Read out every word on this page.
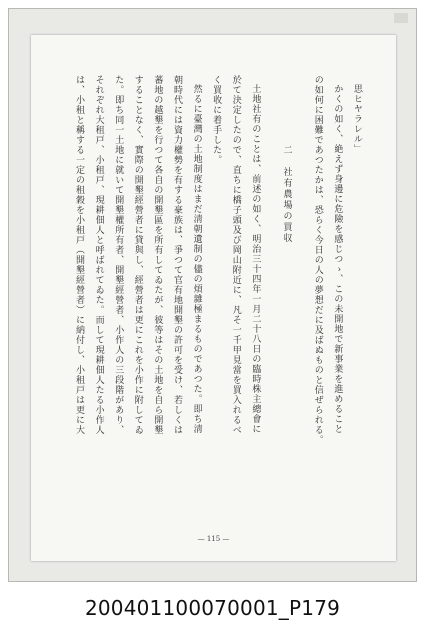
思ヒヤラレル」
かくの如く、絶えず身邊に危險を感じつゝ、この未開地で新事業を進めること
の如何に困難であつたかは、恐らく今日の人の夢想だに及ばぬものと信ぜられる。
二　社有農場の買収
土地社有のことは、前述の如く、明治三十四年一月二十八日の臨時株主總會に
於て決定したので、直ちに橋子頭及び岡山附近に、凡そ一千甲見當を買入れるべ
く買收に着手した。
然るに臺灣の土地制度はまだ淸朝遺制の儘の煩雜極まるものであつた。即ち淸
朝時代には資力權勢を有する豪族は、爭つて官有地開墾の許可を受け、若しくは
蕃地の越墾を行つて各自の開墾區を所有してゐたが、彼等はその土地を自ら開墾
することなく、實際の開墾經營者に貸與し、經營者は更にこれを小作に附してゐ
た。即ち同一土地に就いて開墾權所有者、開墾經營者、小作人の三段階があり、
それぞれ大租戸、小租戸、現耕佃人と呼ばれてゐた。而して現耕佃人たる小作人
は、小租と稱する一定の租穀を小租戸（開墾經營者）に納付し、小租戸は更に大
— 115 —
200401100070001_P179
